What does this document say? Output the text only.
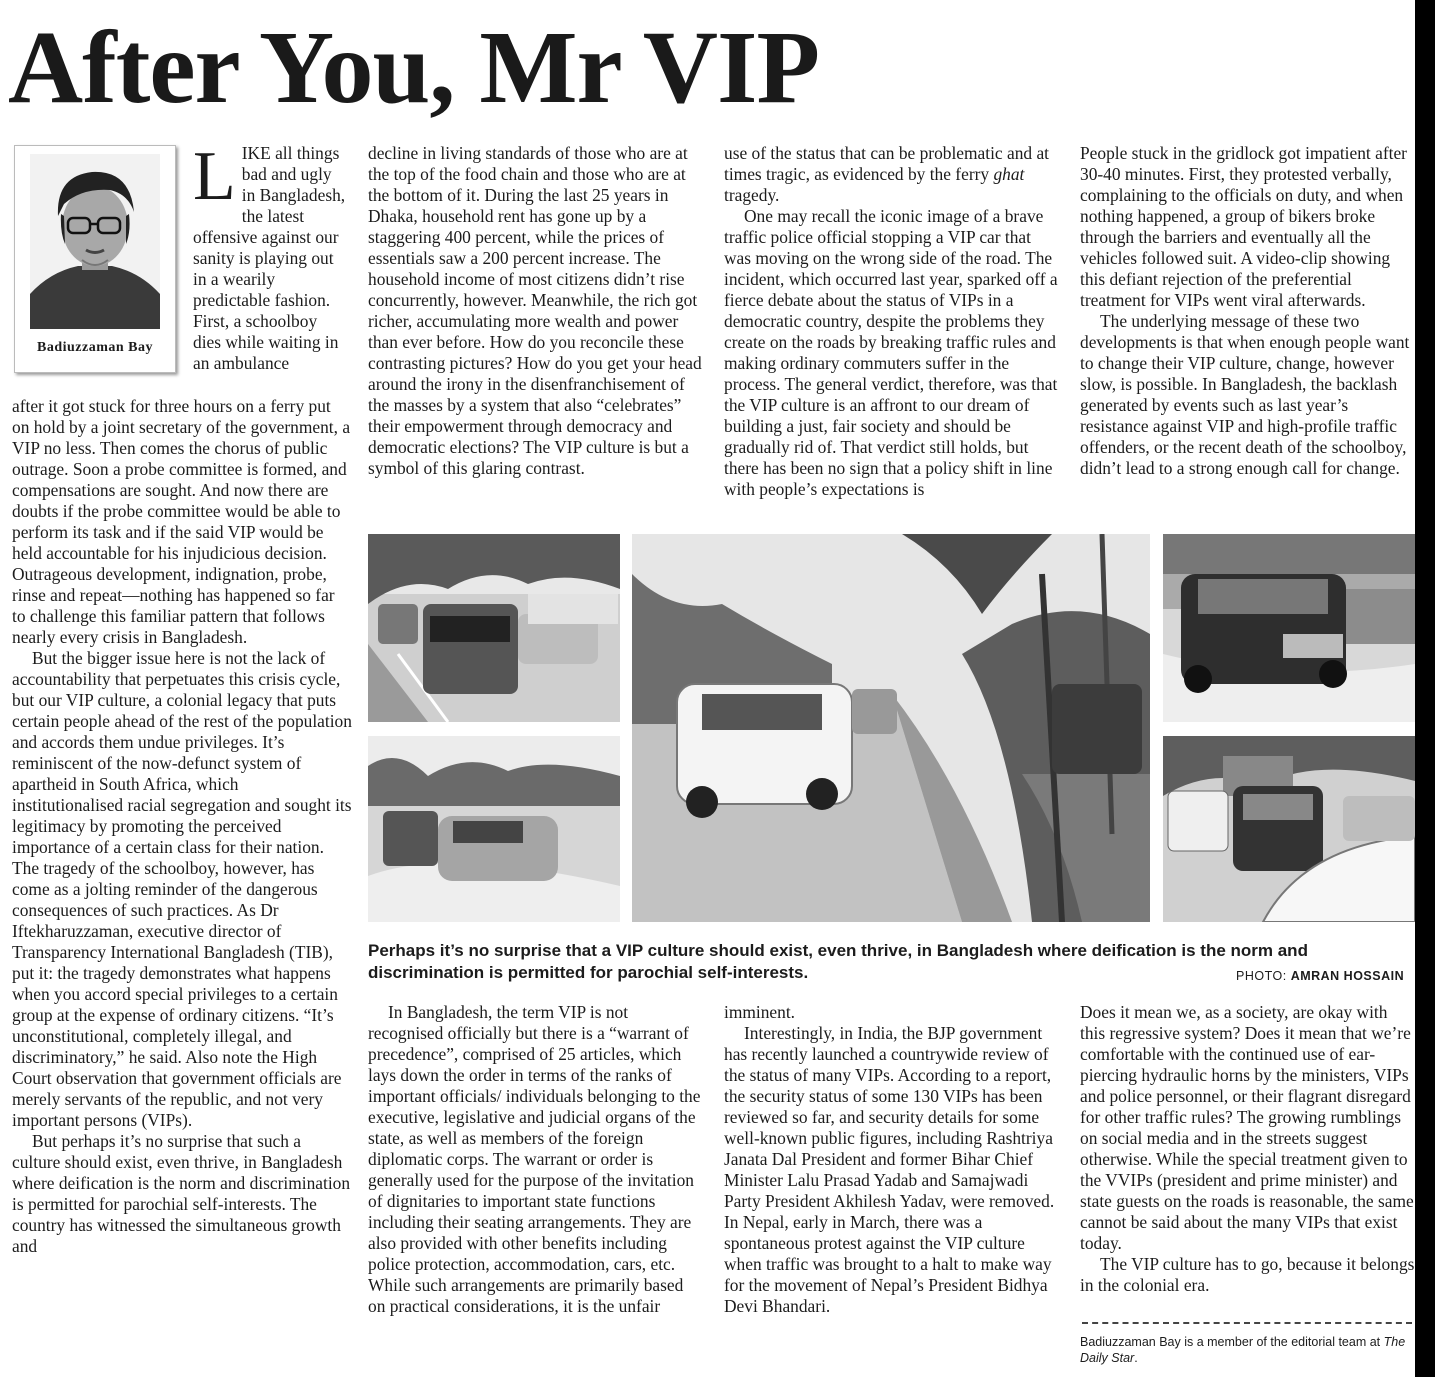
After You, Mr VIP
Badiuzzaman Bay
LIKE all things bad and ugly in Bangladesh, the latest offensive against our sanity is playing out in a wearily predictable fashion. First, a schoolboy dies while waiting in an ambulance

after it got stuck for three hours on a ferry put on hold by a joint secretary of the government, a VIP no less. Then comes the chorus of public outrage. Soon a probe committee is formed, and compensations are sought. And now there are doubts if the probe committee would be able to perform its task and if the said VIP would be held accountable for his injudicious decision. Outrageous development, indignation, probe, rinse and repeat—nothing has happened so far to challenge this familiar pattern that follows nearly every crisis in Bangladesh.

But the bigger issue here is not the lack of accountability that perpetuates this crisis cycle, but our VIP culture, a colonial legacy that puts certain people ahead of the rest of the population and accords them undue privileges. It’s reminiscent of the now-defunct system of apartheid in South Africa, which institutionalised racial segregation and sought its legitimacy by promoting the perceived importance of a certain class for their nation. The tragedy of the schoolboy, however, has come as a jolting reminder of the dangerous consequences of such practices. As Dr Iftekharuzzaman, executive director of Transparency International Bangladesh (TIB), put it: the tragedy demonstrates what happens when you accord special privileges to a certain group at the expense of ordinary citizens. “It’s unconstitutional, completely illegal, and discriminatory,” he said. Also note the High Court observation that government officials are merely servants of the republic, and not very important persons (VIPs).

But perhaps it’s no surprise that such a culture should exist, even thrive, in Bangladesh where deification is the norm and discrimination is permitted for parochial self-interests. The country has witnessed the simultaneous growth and

decline in living standards of those who are at the top of the food chain and those who are at the bottom of it. During the last 25 years in Dhaka, household rent has gone up by a staggering 400 percent, while the prices of essentials saw a 200 percent increase. The household income of most citizens didn’t rise concurrently, however. Meanwhile, the rich got richer, accumulating more wealth and power than ever before. How do you reconcile these contrasting pictures? How do you get your head around the irony in the disenfranchisement of the masses by a system that also “celebrates” their empowerment through democracy and democratic elections? The VIP culture is but a symbol of this glaring contrast.

use of the status that can be problematic and at times tragic, as evidenced by the ferry ghat tragedy.

One may recall the iconic image of a brave traffic police official stopping a VIP car that was moving on the wrong side of the road. The incident, which occurred last year, sparked off a fierce debate about the status of VIPs in a democratic country, despite the problems they create on the roads by breaking traffic rules and making ordinary commuters suffer in the process. The general verdict, therefore, was that the VIP culture is an affront to our dream of building a just, fair society and should be gradually rid of. That verdict still holds, but there has been no sign that a policy shift in line with people’s expectations is

People stuck in the gridlock got impatient after 30-40 minutes. First, they protested verbally, complaining to the officials on duty, and when nothing happened, a group of bikers broke through the barriers and eventually all the vehicles followed suit. A video-clip showing this defiant rejection of the preferential treatment for VIPs went viral afterwards.

The underlying message of these two developments is that when enough people want to change their VIP culture, change, however slow, is possible. In Bangladesh, the backlash generated by events such as last year’s resistance against VIP and high-profile traffic offenders, or the recent death of the schoolboy, didn’t lead to a strong enough call for change.

Perhaps it’s no surprise that a VIP culture should exist, even thrive, in Bangladesh where deification is the norm and discrimination is permitted for parochial self-interests.	PHOTO: AMRAN HOSSAIN

In Bangladesh, the term VIP is not recognised officially but there is a “warrant of precedence”, comprised of 25 articles, which lays down the order in terms of the ranks of important officials/ individuals belonging to the executive, legislative and judicial organs of the state, as well as members of the foreign diplomatic corps. The warrant or order is generally used for the purpose of the invitation of dignitaries to important state functions including their seating arrangements. They are also provided with other benefits including police protection, accommodation, cars, etc. While such arrangements are primarily based on practical considerations, it is the unfair

imminent.

Interestingly, in India, the BJP government has recently launched a countrywide review of the status of many VIPs. According to a report, the security status of some 130 VIPs has been reviewed so far, and security details for some well-known public figures, including Rashtriya Janata Dal President and former Bihar Chief Minister Lalu Prasad Yadab and Samajwadi Party President Akhilesh Yadav, were removed. In Nepal, early in March, there was a spontaneous protest against the VIP culture when traffic was brought to a halt to make way for the movement of Nepal’s President Bidhya Devi Bhandari.

Does it mean we, as a society, are okay with this regressive system? Does it mean that we’re comfortable with the continued use of ear-piercing hydraulic horns by the ministers, VIPs and police personnel, or their flagrant disregard for other traffic rules? The growing rumblings on social media and in the streets suggest otherwise. While the special treatment given to the VVIPs (president and prime minister) and state guests on the roads is reasonable, the same cannot be said about the many VIPs that exist today.

The VIP culture has to go, because it belongs in the colonial era.

Badiuzzaman Bay is a member of the editorial team at The Daily Star.
